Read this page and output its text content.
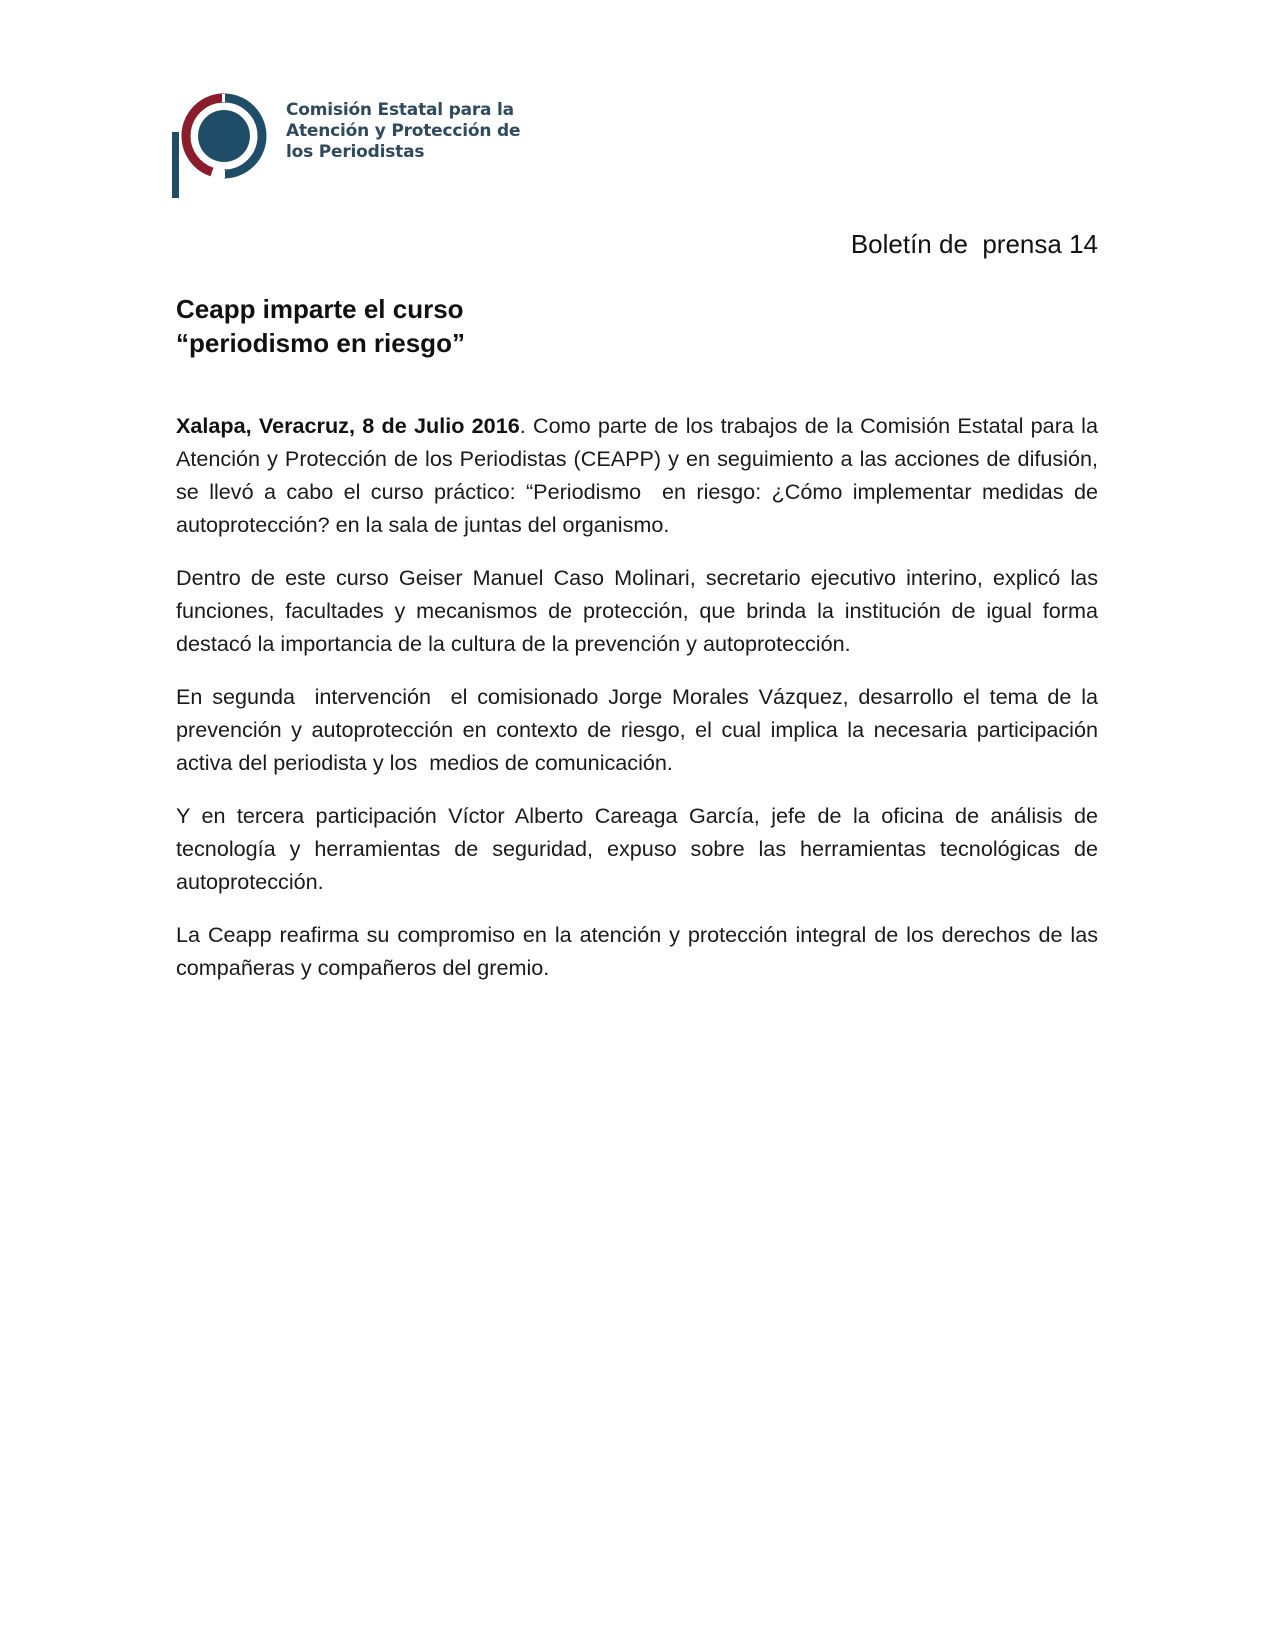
Comisión Estatal para la
Atención y Protección de
los Periodistas
Boletín de  prensa 14
Ceapp imparte el curso
“periodismo en riesgo”

Xalapa, Veracruz, 8 de Julio 2016. Como parte de los trabajos de la Comisión Estatal para la Atención y Protección de los Periodistas (CEAPP) y en seguimiento a las acciones de difusión, se llevó a cabo el curso práctico: “Periodismo  en riesgo: ¿Cómo implementar medidas de autoprotección? en la sala de juntas del organismo.

Dentro de este curso Geiser Manuel Caso Molinari, secretario ejecutivo interino, explicó las funciones, facultades y mecanismos de protección, que brinda la institución de igual forma destacó la importancia de la cultura de la prevención y autoprotección.

En segunda  intervención  el comisionado Jorge Morales Vázquez, desarrollo el tema de la prevención y autoprotección en contexto de riesgo, el cual implica la necesaria participación activa del periodista y los  medios de comunicación.

Y en tercera participación Víctor Alberto Careaga García, jefe de la oficina de análisis de tecnología y herramientas de seguridad, expuso sobre las herramientas tecnológicas de autoprotección.

La Ceapp reafirma su compromiso en la atención y protección integral de los derechos de las compañeras y compañeros del gremio.
